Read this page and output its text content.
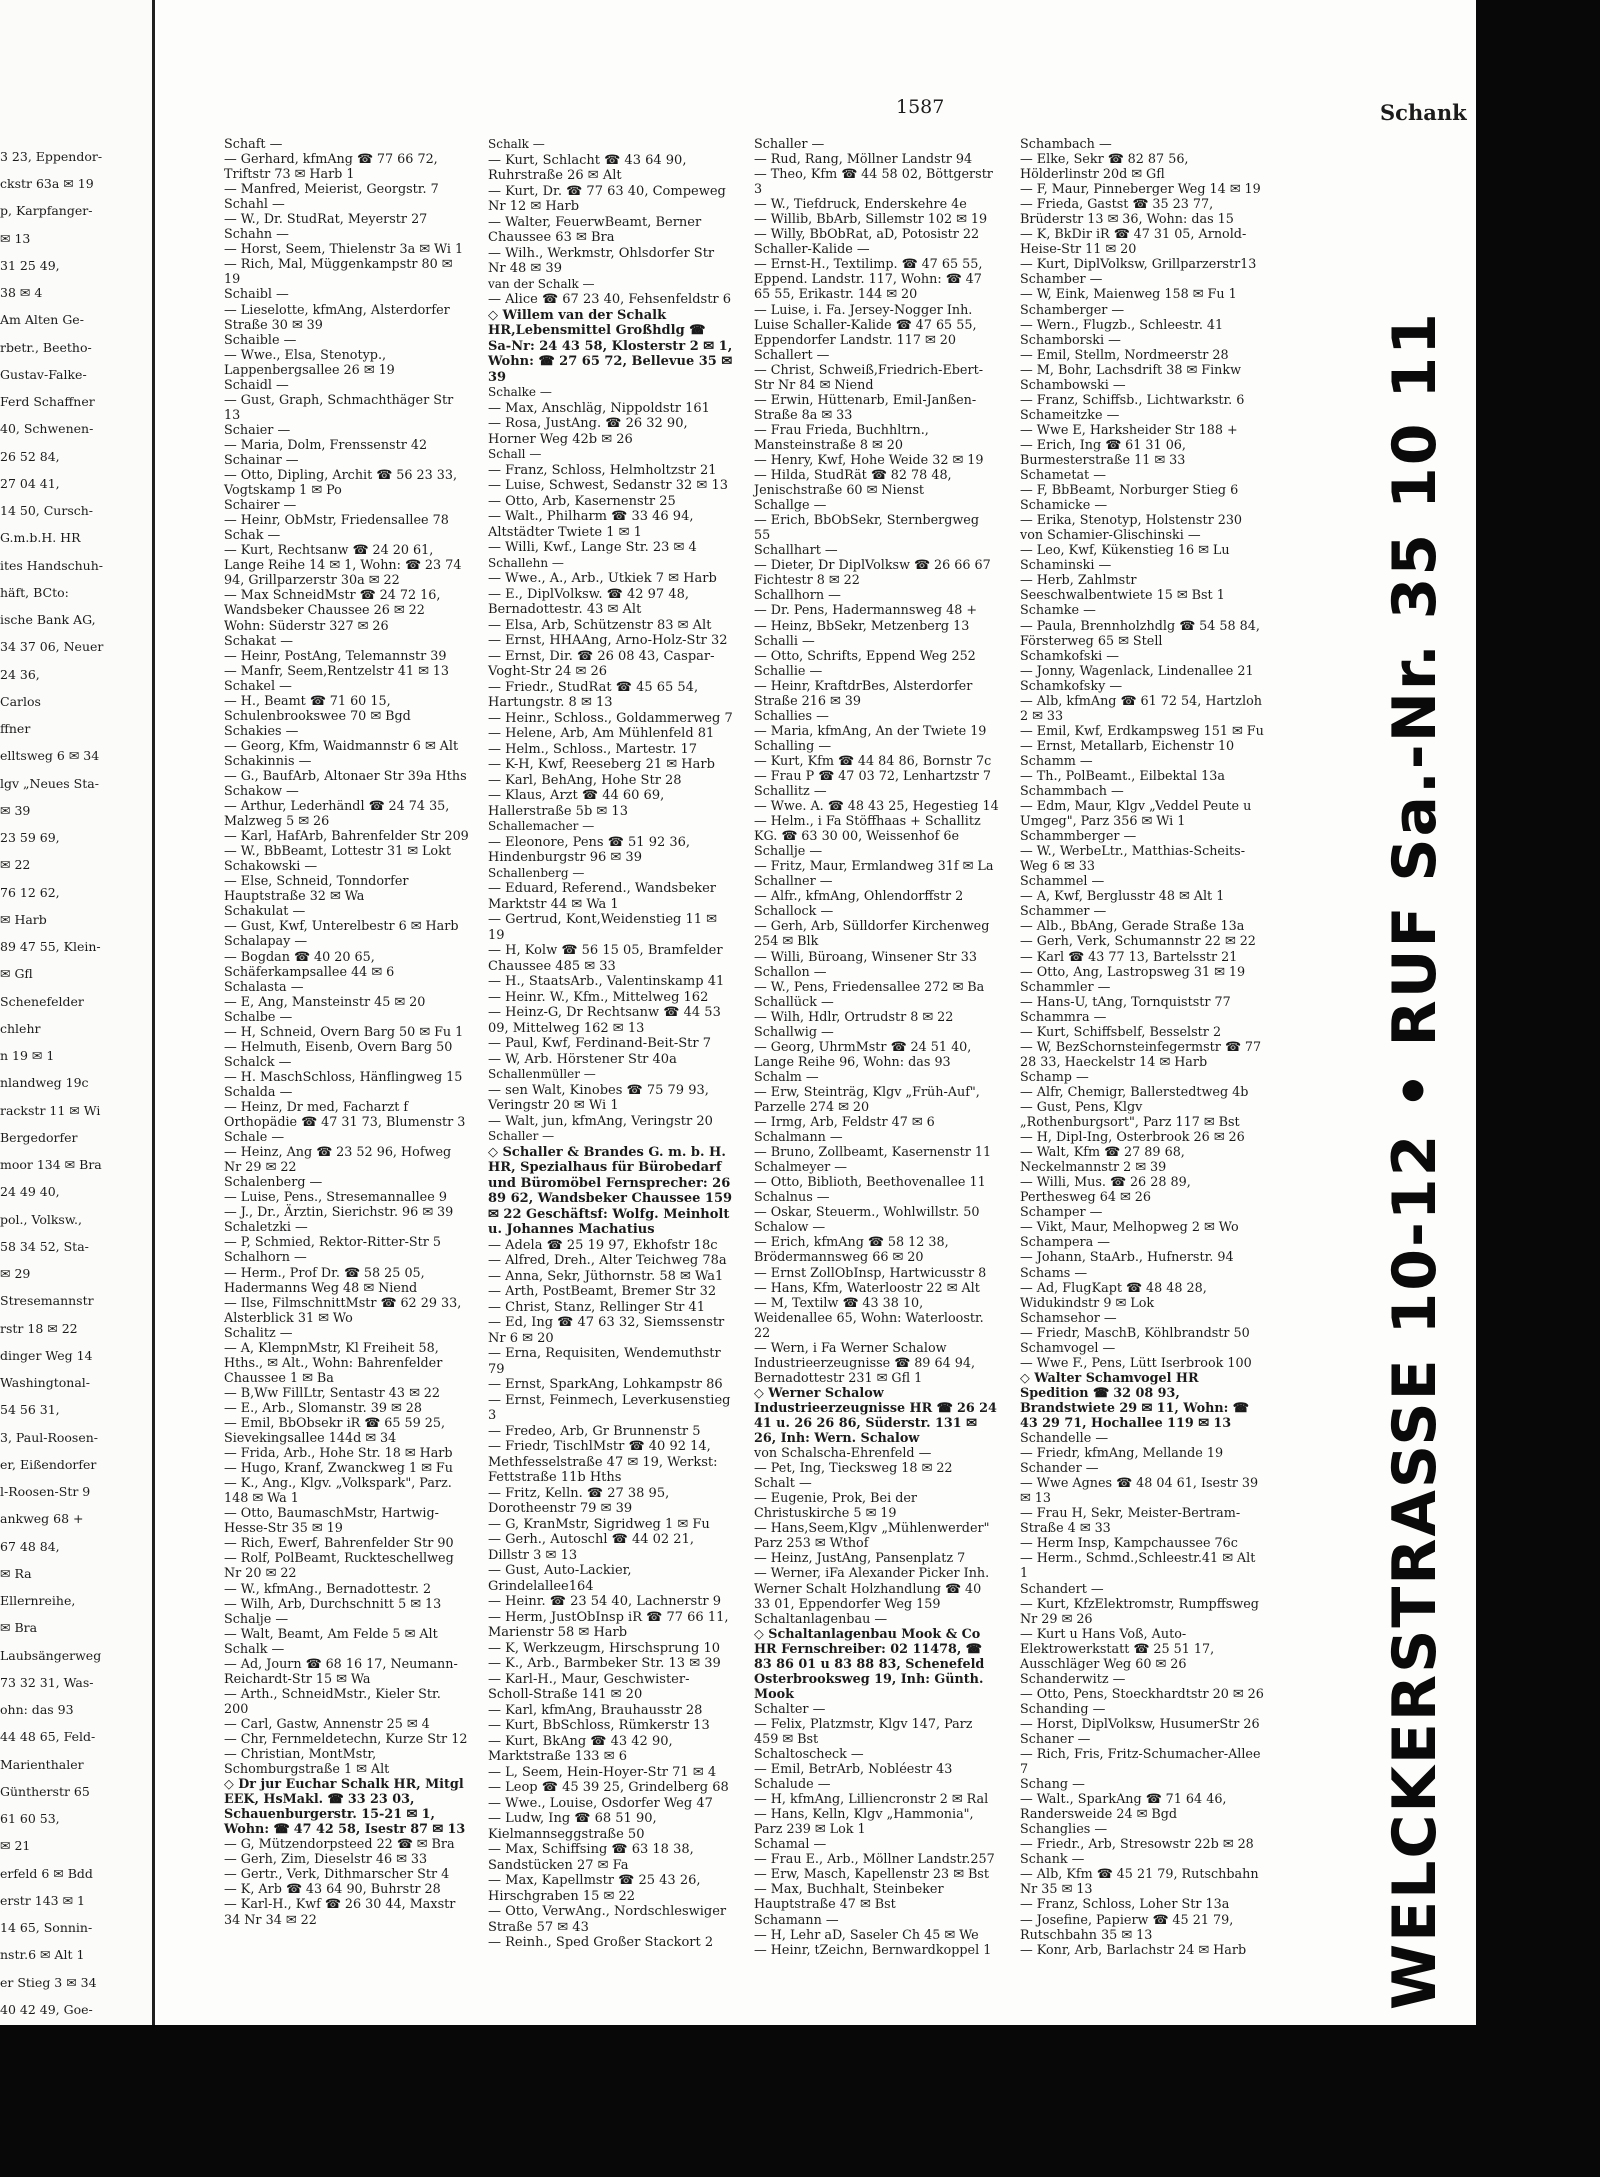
3 23, Eppendor-
ckstr 63a ✉ 19
p, Karpfanger-
✉ 13
31 25 49,
38 ✉ 4
Am Alten Ge-
rbetr., Beetho-
Gustav-Falke-
Ferd Schaffner
40, Schwenen-
26 52 84,
27 04 41,
14 50, Cursch-
G.m.b.H. HR
ites Handschuh-
häft, BCto:
ische Bank AG,
34 37 06, Neuer
24 36,
Carlos
ffner
elltsweg 6 ✉ 34
lgv „Neues Sta-
✉ 39
23 59 69,
✉ 22
76 12 62,
✉ Harb
89 47 55, Klein-
✉ Gfl
Schenefelder
chlehr
n 19 ✉ 1
nlandweg 19c
rackstr 11 ✉ Wi
Bergedorfer
moor 134 ✉ Bra
24 49 40,
pol., Volksw.,
58 34 52, Sta-
✉ 29
Stresemannstr
rstr 18 ✉ 22
dinger Weg 14
Washingtonal-
54 56 31,
3, Paul-Roosen-
er, Eißendorfer
l-Roosen-Str 9
ankweg 68 +
67 48 84,
✉ Ra
Ellernreihe,
✉ Bra
Laubsängerweg
73 32 31, Was-
ohn: das 93
44 48 65, Feld-
Marienthaler
Güntherstr 65
61 60 53,
✉ 21
erfeld 6 ✉ Bdd
erstr 143 ✉ 1
14 65, Sonnin-
nstr.6 ✉ Alt 1
er Stieg 3 ✉ 34
40 42 49, Goe-
1587	Schank
Schaft —
— Gerhard, kfmAng ☎ 77 66 72, Triftstr 73 ✉ Harb 1
— Manfred, Meierist, Georgstr. 7
Schahl —
— W., Dr. StudRat, Meyerstr 27
Schahn —
— Horst, Seem, Thielenstr 3a ✉ Wi 1
— Rich, Mal, Müggenkampstr 80 ✉ 19
Schaibl —
— Lieselotte, kfmAng, Alsterdorfer Straße 30 ✉ 39
Schaible —
— Wwe., Elsa, Stenotyp., Lappenbergsallee 26 ✉ 19
Schaidl —
— Gust, Graph, Schmachthäger Str 13
Schaier —
— Maria, Dolm, Frenssenstr 42
Schainar —
— Otto, Dipling, Archit ☎ 56 23 33, Vogtskamp 1 ✉ Po
Schairer —
— Heinr, ObMstr, Friedensallee 78
Schak —
— Kurt, Rechtsanw ☎ 24 20 61, Lange Reihe 14 ✉ 1, Wohn: ☎ 23 74 94, Grillparzerstr 30a ✉ 22
— Max SchneidMstr ☎ 24 72 16, Wandsbeker Chaussee 26 ✉ 22 Wohn: Süderstr 327 ✉ 26
Schakat —
— Heinr, PostAng, Telemannstr 39
— Manfr, Seem,Rentzelstr 41 ✉ 13
Schakel —
— H., Beamt ☎ 71 60 15, Schulenbrookswee 70 ✉ Bgd
Schakies —
— Georg, Kfm, Waidmannstr 6 ✉ Alt
Schakinnis —
— G., BaufArb, Altonaer Str 39a Hths
Schakow —
— Arthur, Lederhändl ☎ 24 74 35, Malzweg 5 ✉ 26
— Karl, HafArb, Bahrenfelder Str 209
— W., BbBeamt, Lottestr 31 ✉ Lokt
Schakowski —
— Else, Schneid, Tonndorfer Hauptstraße 32 ✉ Wa
Schakulat —
— Gust, Kwf, Unterelbestr 6 ✉ Harb
Schalapay —
— Bogdan ☎ 40 20 65, Schäferkampsallee 44 ✉ 6
Schalasta —
— E, Ang, Mansteinstr 45 ✉ 20
Schalbe —
— H, Schneid, Overn Barg 50 ✉ Fu 1
— Helmuth, Eisenb, Overn Barg 50
Schalck —
— H. MaschSchloss, Hänflingweg 15
Schalda —
— Heinz, Dr med, Facharzt f Orthopädie ☎ 47 31 73, Blumenstr 3
Schale —
— Heinz, Ang ☎ 23 52 96, Hofweg Nr 29 ✉ 22
Schalenberg —
— Luise, Pens., Stresemannallee 9
— J., Dr., Ärztin, Sierichstr. 96 ✉ 39
Schaletzki —
— P, Schmied, Rektor-Ritter-Str 5
Schalhorn —
— Herm., Prof Dr. ☎ 58 25 05, Hadermanns Weg 48 ✉ Niend
— Ilse, FilmschnittMstr ☎ 62 29 33, Alsterblick 31 ✉ Wo
Schalitz —
— A, KlempnMstr, Kl Freiheit 58, Hths., ✉ Alt., Wohn: Bahrenfelder Chaussee 1 ✉ Ba
— B,Ww FillLtr, Sentastr 43 ✉ 22
— E., Arb., Slomanstr. 39 ✉ 28
— Emil, BbObsekr iR ☎ 65 59 25, Sievekingsallee 144d ✉ 34
— Frida, Arb., Hohe Str. 18 ✉ Harb
— Hugo, Kranf, Zwanckweg 1 ✉ Fu
— K., Ang., Klgv. „Volkspark", Parz. 148 ✉ Wa 1
— Otto, BaumaschMstr, Hartwig-Hesse-Str 35 ✉ 19
— Rich, Ewerf, Bahrenfelder Str 90
— Rolf, PolBeamt, Ruckteschellweg Nr 20 ✉ 22
— W., kfmAng., Bernadottestr. 2
— Wilh, Arb, Durchschnitt 5 ✉ 13
Schalje —
— Walt, Beamt, Am Felde 5 ✉ Alt
Schalk —
— Ad, Journ ☎ 68 16 17, Neumann-Reichardt-Str 15 ✉ Wa
— Arth., SchneidMstr., Kieler Str. 200
— Carl, Gastw, Annenstr 25 ✉ 4
— Chr, Fernmeldetechn, Kurze Str 12
— Christian, MontMstr, Schomburgstraße 1 ✉ Alt
◇ Dr jur Euchar Schalk HR, Mitgl EEK, HsMakl. ☎ 33 23 03, Schauenburgerstr. 15-21 ✉ 1, Wohn: ☎ 47 42 58, Isestr 87 ✉ 13
— G, Mützendorpsteed 22 ☎ ✉ Bra
— Gerh, Zim, Dieselstr 46 ✉ 33
— Gertr., Verk, Dithmarscher Str 4
— K, Arb ☎ 43 64 90, Buhrstr 28
— Karl-H., Kwf ☎ 26 30 44, Maxstr 34 Nr 34 ✉ 22
Schalk —
— Kurt, Schlacht ☎ 43 64 90, Ruhrstraße 26 ✉ Alt
— Kurt, Dr. ☎ 77 63 40, Compeweg Nr 12 ✉ Harb
— Walter, FeuerwBeamt, Berner Chaussee 63 ✉ Bra
— Wilh., Werkmstr, Ohlsdorfer Str Nr 48 ✉ 39
van der Schalk —
— Alice ☎ 67 23 40, Fehsenfeldstr 6
◇ Willem van der Schalk HR,Lebensmittel Großhdlg ☎ Sa-Nr: 24 43 58, Klosterstr 2 ✉ 1, Wohn: ☎ 27 65 72, Bellevue 35 ✉ 39
Schalke —
— Max, Anschläg, Nippoldstr 161
— Rosa, JustAng. ☎ 26 32 90, Horner Weg 42b ✉ 26
Schall —
— Franz, Schloss, Helmholtzstr 21
— Luise, Schwest, Sedanstr 32 ✉ 13
— Otto, Arb, Kasernenstr 25
— Walt., Philharm ☎ 33 46 94, Altstädter Twiete 1 ✉ 1
— Willi, Kwf., Lange Str. 23 ✉ 4
Schallehn —
— Wwe., A., Arb., Utkiek 7 ✉ Harb
— E., DiplVolksw. ☎ 42 97 48, Bernadottestr. 43 ✉ Alt
— Elsa, Arb, Schützenstr 83 ✉ Alt
— Ernst, HHAAng, Arno-Holz-Str 32
— Ernst, Dir. ☎ 26 08 43, Caspar-Voght-Str 24 ✉ 26
— Friedr., StudRat ☎ 45 65 54, Hartungstr. 8 ✉ 13
— Heinr., Schloss., Goldammerweg 7
— Helene, Arb, Am Mühlenfeld 81
— Helm., Schloss., Martestr. 17
— K-H, Kwf, Reeseberg 21 ✉ Harb
— Karl, BehAng, Hohe Str 28
— Klaus, Arzt ☎ 44 60 69, Hallerstraße 5b ✉ 13
Schallemacher —
— Eleonore, Pens ☎ 51 92 36, Hindenburgstr 96 ✉ 39
Schallenberg —
— Eduard, Referend., Wandsbeker Marktstr 44 ✉ Wa 1
— Gertrud, Kont,Weidenstieg 11 ✉ 19
— H, Kolw ☎ 56 15 05, Bramfelder Chaussee 485 ✉ 33
— H., StaatsArb., Valentinskamp 41
— Heinr. W., Kfm., Mittelweg 162
— Heinz-G, Dr Rechtsanw ☎ 44 53 09, Mittelweg 162 ✉ 13
— Paul, Kwf, Ferdinand-Beit-Str 7
— W, Arb. Hörstener Str 40a
Schallenmüller —
— sen Walt, Kinobes ☎ 75 79 93, Veringstr 20 ✉ Wi 1
— Walt, jun, kfmAng, Veringstr 20
Schaller —
◇ Schaller & Brandes G. m. b. H. HR, Spezialhaus für Bürobedarf und Büromöbel Fernsprecher: 26 89 62, Wandsbeker Chaussee 159 ✉ 22 Geschäftsf: Wolfg. Meinholt u. Johannes Machatius
— Adela ☎ 25 19 97, Ekhofstr 18c
— Alfred, Dreh., Alter Teichweg 78a
— Anna, Sekr, Jüthornstr. 58 ✉ Wa1
— Arth, PostBeamt, Bremer Str 32
— Christ, Stanz, Rellinger Str 41
— Ed, Ing ☎ 47 63 32, Siemssenstr Nr 6 ✉ 20
— Erna, Requisiten, Wendemuthstr 79
— Ernst, SparkAng, Lohkampstr 86
— Ernst, Feinmech, Leverkusenstieg 3
— Fredeo, Arb, Gr Brunnenstr 5
— Friedr, TischlMstr ☎ 40 92 14, Methfesselstraße 47 ✉ 19, Werkst: Fettstraße 11b Hths
— Fritz, Kelln. ☎ 27 38 95, Dorotheenstr 79 ✉ 39
— G, KranMstr, Sigridweg 1 ✉ Fu
— Gerh., Autoschl ☎ 44 02 21, Dillstr 3 ✉ 13
— Gust, Auto-Lackier, Grindelallee164
— Heinr. ☎ 23 54 40, Lachnerstr 9
— Herm, JustObInsp iR ☎ 77 66 11, Marienstr 58 ✉ Harb
— K, Werkzeugm, Hirschsprung 10
— K., Arb., Barmbeker Str. 13 ✉ 39
— Karl-H., Maur, Geschwister-Scholl-Straße 141 ✉ 20
— Karl, kfmAng, Brauhausstr 28
— Kurt, BbSchloss, Rümkerstr 13
— Kurt, BkAng ☎ 43 42 90, Marktstraße 133 ✉ 6
— L, Seem, Hein-Hoyer-Str 71 ✉ 4
— Leop ☎ 45 39 25, Grindelberg 68
— Wwe., Louise, Osdorfer Weg 47
— Ludw, Ing ☎ 68 51 90, Kielmannseggstraße 50
— Max, Schiffsing ☎ 63 18 38, Sandstücken 27 ✉ Fa
— Max, Kapellmstr ☎ 25 43 26, Hirschgraben 15 ✉ 22
— Otto, VerwAng., Nordschleswiger Straße 57 ✉ 43
— Reinh., Sped Großer Stackort 2
Schaller —
— Rud, Rang, Möllner Landstr 94
— Theo, Kfm ☎ 44 58 02, Böttgerstr 3
— W., Tiefdruck, Enderskehre 4e
— Willib, BbArb, Sillemstr 102 ✉ 19
— Willy, BbObRat, aD, Potosistr 22
Schaller-Kalide —
— Ernst-H., Textilimp. ☎ 47 65 55, Eppend. Landstr. 117, Wohn: ☎ 47 65 55, Erikastr. 144 ✉ 20
— Luise, i. Fa. Jersey-Nogger Inh. Luise Schaller-Kalide ☎ 47 65 55, Eppendorfer Landstr. 117 ✉ 20
Schallert —
— Christ, Schweiß,Friedrich-Ebert-Str Nr 84 ✉ Niend
— Erwin, Hüttenarb, Emil-Janßen-Straße 8a ✉ 33
— Frau Frieda, Buchhltrn., Mansteinstraße 8 ✉ 20
— Henry, Kwf, Hohe Weide 32 ✉ 19
— Hilda, StudRät ☎ 82 78 48, Jenischstraße 60 ✉ Nienst
Schallge —
— Erich, BbObSekr, Sternbergweg 55
Schallhart —
— Dieter, Dr DiplVolksw ☎ 26 66 67 Fichtestr 8 ✉ 22
Schallhorn —
— Dr. Pens, Hadermannsweg 48 +
— Heinz, BbSekr, Metzenberg 13
Schalli —
— Otto, Schrifts, Eppend Weg 252
Schallie —
— Heinr, KraftdrBes, Alsterdorfer Straße 216 ✉ 39
Schallies —
— Maria, kfmAng, An der Twiete 19
Schalling —
— Kurt, Kfm ☎ 44 84 86, Bornstr 7c
— Frau P ☎ 47 03 72, Lenhartzstr 7
Schallitz —
— Wwe. A. ☎ 48 43 25, Hegestieg 14
— Helm., i Fa Stöffhaas + Schallitz KG. ☎ 63 30 00, Weissenhof 6e
Schallje —
— Fritz, Maur, Ermlandweg 31f ✉ La
Schallner —
— Alfr., kfmAng, Ohlendorffstr 2
Schallock —
— Gerh, Arb, Sülldorfer Kirchenweg 254 ✉ Blk
— Willi, Büroang, Winsener Str 33
Schallon —
— W., Pens, Friedensallee 272 ✉ Ba
Schallück —
— Wilh, Hdlr, Ortrudstr 8 ✉ 22
Schallwig —
— Georg, UhrmMstr ☎ 24 51 40, Lange Reihe 96, Wohn: das 93
Schalm —
— Erw, Steinträg, Klgv „Früh-Auf", Parzelle 274 ✉ 20
— Irmg, Arb, Feldstr 47 ✉ 6
Schalmann —
— Bruno, Zollbeamt, Kasernenstr 11
Schalmeyer —
— Otto, Biblioth, Beethovenallee 11
Schalnus —
— Oskar, Steuerm., Wohlwillstr. 50
Schalow —
— Erich, kfmAng ☎ 58 12 38, Brödermannsweg 66 ✉ 20
— Ernst ZollObInsp, Hartwicusstr 8
— Hans, Kfm, Waterloostr 22 ✉ Alt
— M, Textilw ☎ 43 38 10, Weidenallee 65, Wohn: Waterloostr. 22
— Wern, i Fa Werner Schalow Industrieerzeugnisse ☎ 89 64 94, Bernadottestr 231 ✉ Gfl 1
◇ Werner Schalow Industrieerzeugnisse HR ☎ 26 24 41 u. 26 26 86, Süderstr. 131 ✉ 26, Inh: Wern. Schalow
von Schalscha-Ehrenfeld —
— Pet, Ing, Tiecksweg 18 ✉ 22
Schalt —
— Eugenie, Prok, Bei der Christuskirche 5 ✉ 19
— Hans,Seem,Klgv „Mühlenwerder" Parz 253 ✉ Wthof
— Heinz, JustAng, Pansenplatz 7
— Werner, iFa Alexander Picker Inh. Werner Schalt Holzhandlung ☎ 40 33 01, Eppendorfer Weg 159
Schaltanlagenbau —
◇ Schaltanlagenbau Mook & Co HR Fernschreiber: 02 11478, ☎ 83 86 01 u 83 88 83, Schenefeld Osterbrooksweg 19, Inh: Günth. Mook
Schalter —
— Felix, Platzmstr, Klgv 147, Parz 459 ✉ Bst
Schaltoscheck —
— Emil, BetrArb, Nobléestr 43
Schalude —
— H, kfmAng, Lilliencronstr 2 ✉ Ral
— Hans, Kelln, Klgv „Hammonia", Parz 239 ✉ Lok 1
Schamal —
— Frau E., Arb., Möllner Landstr.257
— Erw, Masch, Kapellenstr 23 ✉ Bst
— Max, Buchhalt, Steinbeker Hauptstraße 47 ✉ Bst
Schamann —
— H, Lehr aD, Saseler Ch 45 ✉ We
— Heinr, tZeichn, Bernwardkoppel 1
Schambach —
— Elke, Sekr ☎ 82 87 56, Hölderlinstr 20d ✉ Gfl
— F, Maur, Pinneberger Weg 14 ✉ 19
— Frieda, Gastst ☎ 35 23 77, Brüderstr 13 ✉ 36, Wohn: das 15
— K, BkDir iR ☎ 47 31 05, Arnold-Heise-Str 11 ✉ 20
— Kurt, DiplVolksw, Grillparzerstr13
Schamber —
— W, Eink, Maienweg 158 ✉ Fu 1
Schamberger —
— Wern., Flugzb., Schleestr. 41
Schamborski —
— Emil, Stellm, Nordmeerstr 28
— M, Bohr, Lachsdrift 38 ✉ Finkw
Schambowski —
— Franz, Schiffsb., Lichtwarkstr. 6
Schameitzke —
— Wwe E, Harksheider Str 188 +
— Erich, Ing ☎ 61 31 06, Burmesterstraße 11 ✉ 33
Schametat —
— F, BbBeamt, Norburger Stieg 6
Schamicke —
— Erika, Stenotyp, Holstenstr 230
von Schamier-Glischinski —
— Leo, Kwf, Kükenstieg 16 ✉ Lu
Schaminski —
— Herb, Zahlmstr Seeschwalbentwiete 15 ✉ Bst 1
Schamke —
— Paula, Brennholzhdlg ☎ 54 58 84, Försterweg 65 ✉ Stell
Schamkofski —
— Jonny, Wagenlack, Lindenallee 21
Schamkofsky —
— Alb, kfmAng ☎ 61 72 54, Hartzloh 2 ✉ 33
— Emil, Kwf, Erdkampsweg 151 ✉ Fu
— Ernst, Metallarb, Eichenstr 10
Schamm —
— Th., PolBeamt., Eilbektal 13a
Schammbach —
— Edm, Maur, Klgv „Veddel Peute u Umgeg", Parz 356 ✉ Wi 1
Schammberger —
— W., WerbeLtr., Matthias-Scheits-Weg 6 ✉ 33
Schammel —
— A, Kwf, Berglusstr 48 ✉ Alt 1
Schammer —
— Alb., BbAng, Gerade Straße 13a
— Gerh, Verk, Schumannstr 22 ✉ 22
— Karl ☎ 43 77 13, Bartelsstr 21
— Otto, Ang, Lastropsweg 31 ✉ 19
Schammler —
— Hans-U, tAng, Tornquiststr 77
Schammra —
— Kurt, Schiffsbelf, Besselstr 2
— W, BezSchornsteinfegermstr ☎ 77 28 33, Haeckelstr 14 ✉ Harb
Schamp —
— Alfr, Chemigr, Ballerstedtweg 4b
— Gust, Pens, Klgv „Rothenburgsort", Parz 117 ✉ Bst
— H, Dipl-Ing, Osterbrook 26 ✉ 26
— Walt, Kfm ☎ 27 89 68, Neckelmannstr 2 ✉ 39
— Willi, Mus. ☎ 26 28 89, Perthesweg 64 ✉ 26
Schamper —
— Vikt, Maur, Melhopweg 2 ✉ Wo
Schampera —
— Johann, StaArb., Hufnerstr. 94
Schams —
— Ad, FlugKapt ☎ 48 48 28, Widukindstr 9 ✉ Lok
Schamsehor —
— Friedr, MaschB, Köhlbrandstr 50
Schamvogel —
— Wwe F., Pens, Lütt Iserbrook 100
◇ Walter Schamvogel HR Spedition ☎ 32 08 93, Brandstwiete 29 ✉ 11, Wohn: ☎ 43 29 71, Hochallee 119 ✉ 13
Schandelle —
— Friedr, kfmAng, Mellande 19
Schander —
— Wwe Agnes ☎ 48 04 61, Isestr 39 ✉ 13
— Frau H, Sekr, Meister-Bertram-Straße 4 ✉ 33
— Herm Insp, Kampchaussee 76c
— Herm., Schmd.,Schleestr.41 ✉ Alt 1
Schandert —
— Kurt, KfzElektromstr, Rumpffsweg Nr 29 ✉ 26
— Kurt u Hans Voß, Auto-Elektrowerkstatt ☎ 25 51 17, Ausschläger Weg 60 ✉ 26
Schanderwitz —
— Otto, Pens, Stoeckhardtstr 20 ✉ 26
Schanding —
— Horst, DiplVolksw, HusumerStr 26
Schaner —
— Rich, Fris, Fritz-Schumacher-Allee 7
Schang —
— Walt., SparkAng ☎ 71 64 46, Randersweide 24 ✉ Bgd
Schanglies —
— Friedr., Arb, Stresowstr 22b ✉ 28
Schank —
— Alb, Kfm ☎ 45 21 79, Rutschbahn Nr 35 ✉ 13
— Franz, Schloss, Loher Str 13a
— Josefine, Papierw ☎ 45 21 79, Rutschbahn 35 ✉ 13
— Konr, Arb, Barlachstr 24 ✉ Harb	WELCKERSTRASSE 10-12 • RUF Sa.-Nr. 35 10 11
